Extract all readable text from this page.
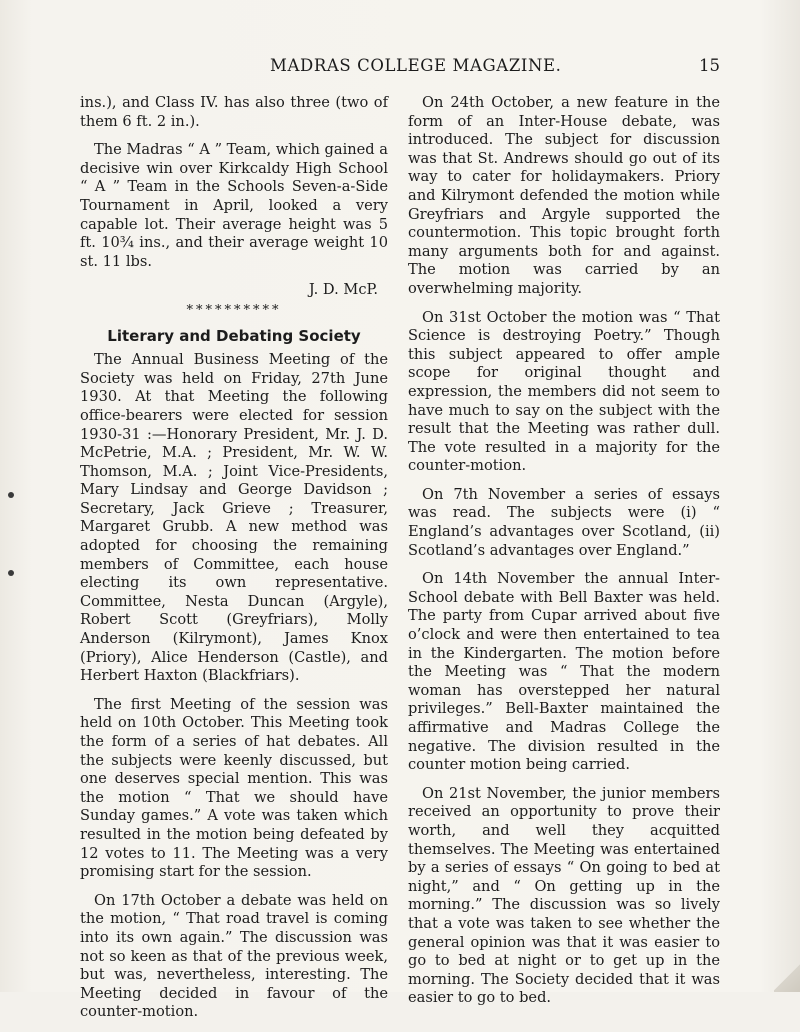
MADRAS COLLEGE MAGAZINE.	15

ins.), and Class IV. has also three (two of them 6 ft. 2 in.).

The Madras “ A ” Team, which gained a decisive win over Kirkcaldy High School “ A ” Team in the Schools Seven-a-Side Tournament in April, looked a very capable lot. Their average height was 5 ft. 10¾ ins., and their average weight 10 st. 11 lbs.

J. D. McP.
**********
Literary and Debating Society

The Annual Business Meeting of the Society was held on Friday, 27th June 1930. At that Meeting the following office-bearers were elected for session 1930-31 :—Honorary President, Mr. J. D. McPetrie, M.A. ; President, Mr. W. W. Thomson, M.A. ; Joint Vice-Presidents, Mary Lindsay and George Davidson ; Secretary, Jack Grieve ; Treasurer, Margaret Grubb. A new method was adopted for choosing the remaining members of Committee, each house electing its own representative. Committee, Nesta Duncan (Argyle), Robert Scott (Greyfriars), Molly Anderson (Kilrymont), James Knox (Priory), Alice Henderson (Castle), and Herbert Haxton (Blackfriars).

The first Meeting of the session was held on 10th October. This Meeting took the form of a series of hat debates. All the subjects were keenly discussed, but one deserves special mention. This was the motion “ That we should have Sunday games.” A vote was taken which resulted in the motion being defeated by 12 votes to 11. The Meeting was a very promising start for the session.

On 17th October a debate was held on the motion, “ That road travel is coming into its own again.” The discussion was not so keen as that of the previous week, but was, nevertheless, interesting. The Meeting decided in favour of the counter-motion.

On 24th October, a new feature in the form of an Inter-House debate, was introduced. The subject for discussion was that St. Andrews should go out of its way to cater for holidaymakers. Priory and Kilrymont defended the motion while Greyfriars and Argyle supported the countermotion. This topic brought forth many arguments both for and against. The motion was carried by an overwhelming majority.

On 31st October the motion was “ That Science is destroying Poetry.” Though this subject appeared to offer ample scope for original thought and expression, the members did not seem to have much to say on the subject with the result that the Meeting was rather dull. The vote resulted in a majority for the counter-motion.

On 7th November a series of essays was read. The subjects were (i) “ England’s advantages over Scotland, (ii) Scotland’s advantages over England.”

On 14th November the annual Inter-School debate with Bell Baxter was held. The party from Cupar arrived about five o’clock and were then entertained to tea in the Kindergarten. The motion before the Meeting was “ That the modern woman has overstepped her natural privileges.” Bell-Baxter maintained the affirmative and Madras College the negative. The division resulted in the counter motion being carried.

On 21st November, the junior members received an opportunity to prove their worth, and well they acquitted themselves. The Meeting was entertained by a series of essays “ On going to bed at night,” and “ On getting up in the morning.” The discussion was so lively that a vote was taken to see whether the general opinion was that it was easier to go to bed at night or to get up in the morning. The Society decided that it was easier to go to bed.
